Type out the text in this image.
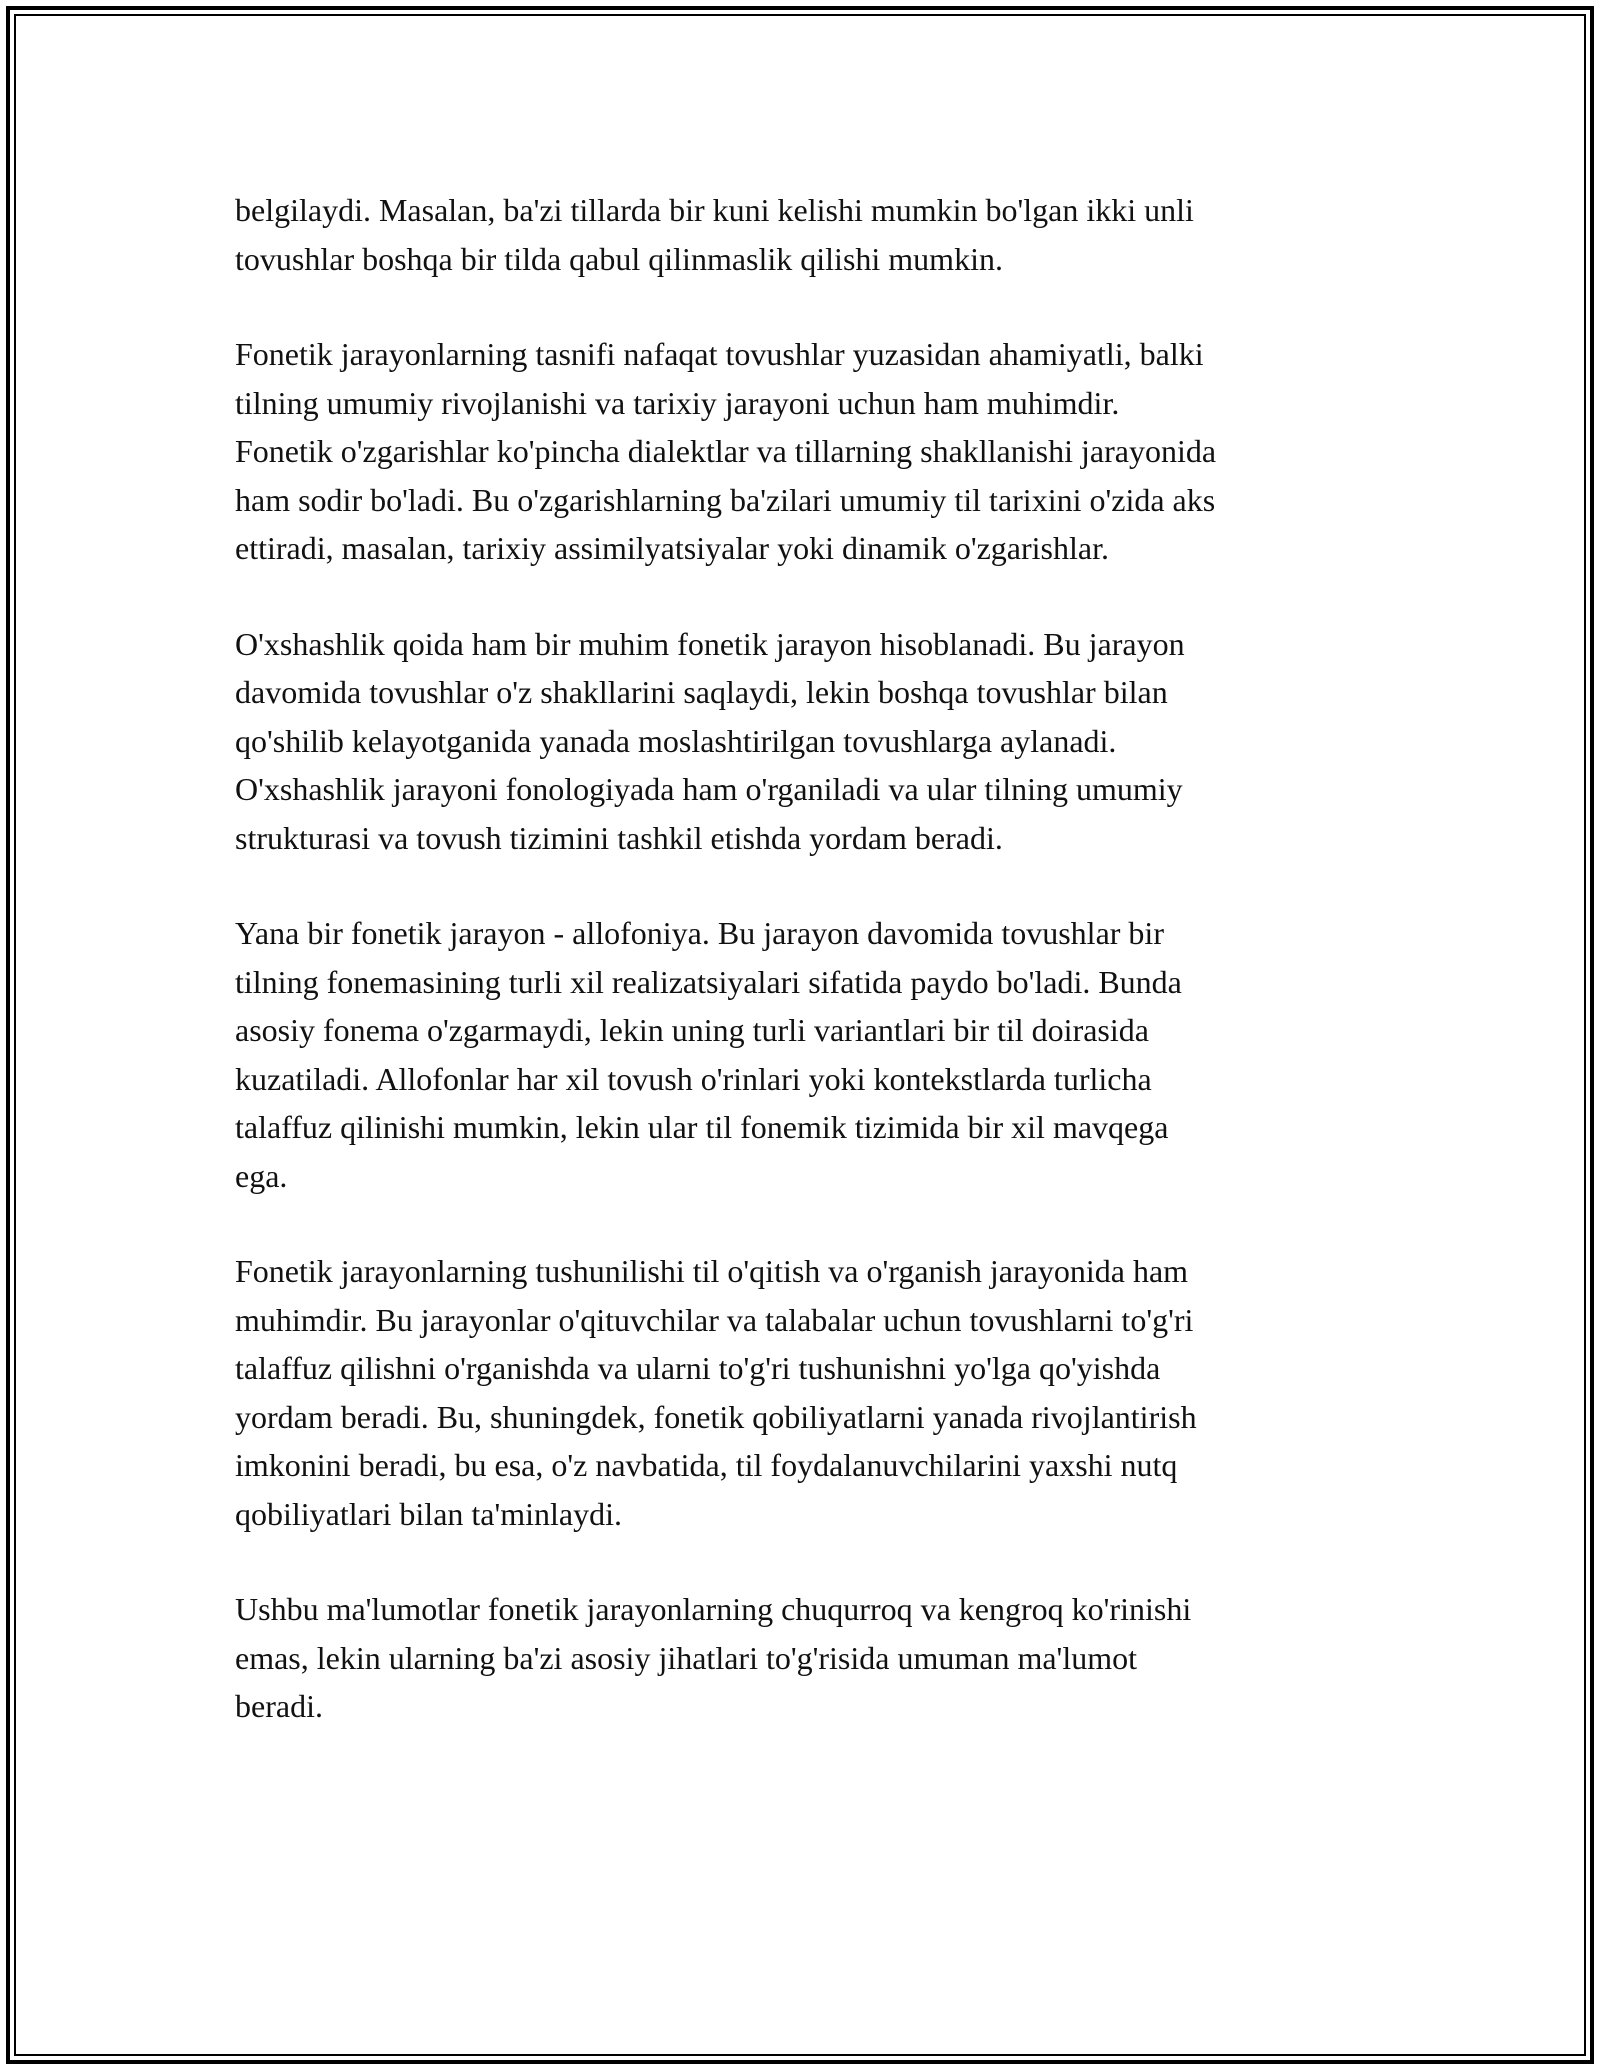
belgilaydi. Masalan, ba'zi tillarda bir kuni kelishi mumkin bo'lgan ikki unli
tovushlar boshqa bir tilda qabul qilinmaslik qilishi mumkin.

Fonetik jarayonlarning tasnifi nafaqat tovushlar yuzasidan ahamiyatli, balki
tilning umumiy rivojlanishi va tarixiy jarayoni uchun ham muhimdir.
Fonetik o'zgarishlar ko'pincha dialektlar va tillarning shakllanishi jarayonida
ham sodir bo'ladi. Bu o'zgarishlarning ba'zilari umumiy til tarixini o'zida aks
ettiradi, masalan, tarixiy assimilyatsiyalar yoki dinamik o'zgarishlar.

O'xshashlik qoida ham bir muhim fonetik jarayon hisoblanadi. Bu jarayon
davomida tovushlar o'z shakllarini saqlaydi, lekin boshqa tovushlar bilan
qo'shilib kelayotganida yanada moslashtirilgan tovushlarga aylanadi.
O'xshashlik jarayoni fonologiyada ham o'rganiladi va ular tilning umumiy
strukturasi va tovush tizimini tashkil etishda yordam beradi.

Yana bir fonetik jarayon - allofoniya. Bu jarayon davomida tovushlar bir
tilning fonemasining turli xil realizatsiyalari sifatida paydo bo'ladi. Bunda
asosiy fonema o'zgarmaydi, lekin uning turli variantlari bir til doirasida
kuzatiladi. Allofonlar har xil tovush o'rinlari yoki kontekstlarda turlicha
talaffuz qilinishi mumkin, lekin ular til fonemik tizimida bir xil mavqega
ega.

Fonetik jarayonlarning tushunilishi til o'qitish va o'rganish jarayonida ham
muhimdir. Bu jarayonlar o'qituvchilar va talabalar uchun tovushlarni to'g'ri
talaffuz qilishni o'rganishda va ularni to'g'ri tushunishni yo'lga qo'yishda
yordam beradi. Bu, shuningdek, fonetik qobiliyatlarni yanada rivojlantirish
imkonini beradi, bu esa, o'z navbatida, til foydalanuvchilarini yaxshi nutq
qobiliyatlari bilan ta'minlaydi.

Ushbu ma'lumotlar fonetik jarayonlarning chuqurroq va kengroq ko'rinishi
emas, lekin ularning ba'zi asosiy jihatlari to'g'risida umuman ma'lumot
beradi.
